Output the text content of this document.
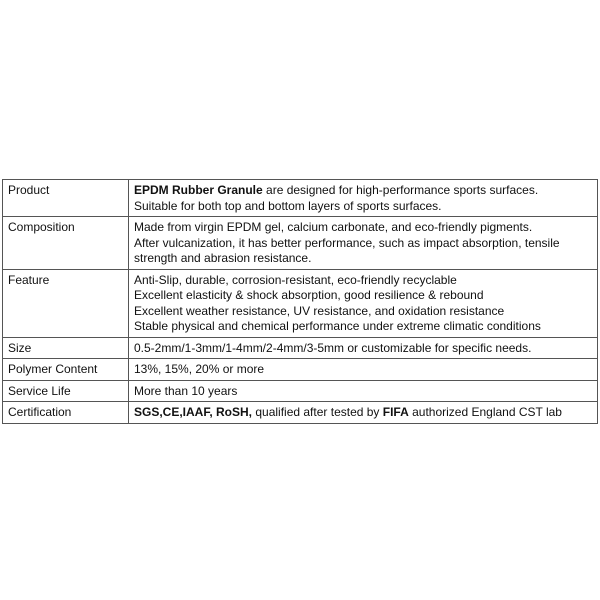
Product	EPDM Rubber Granule are designed for high-performance sports surfaces.
Suitable for both top and bottom layers of sports surfaces.

Composition	Made from virgin EPDM gel, calcium carbonate, and eco-friendly pigments.
After vulcanization, it has better performance, such as impact absorption, tensile strength and abrasion resistance.

Feature	Anti-Slip, durable, corrosion-resistant, eco-friendly recyclable
Excellent elasticity & shock absorption, good resilience & rebound
Excellent weather resistance, UV resistance, and oxidation resistance
Stable physical and chemical performance under extreme climatic conditions

Size	0.5-2mm/1-3mm/1-4mm/2-4mm/3-5mm or customizable for specific needs.
Polymer Content	13%, 15%, 20% or more
Service Life	More than 10 years
Certification	SGS,CE,IAAF, RoSH, qualified after tested by FIFA authorized England CST lab
